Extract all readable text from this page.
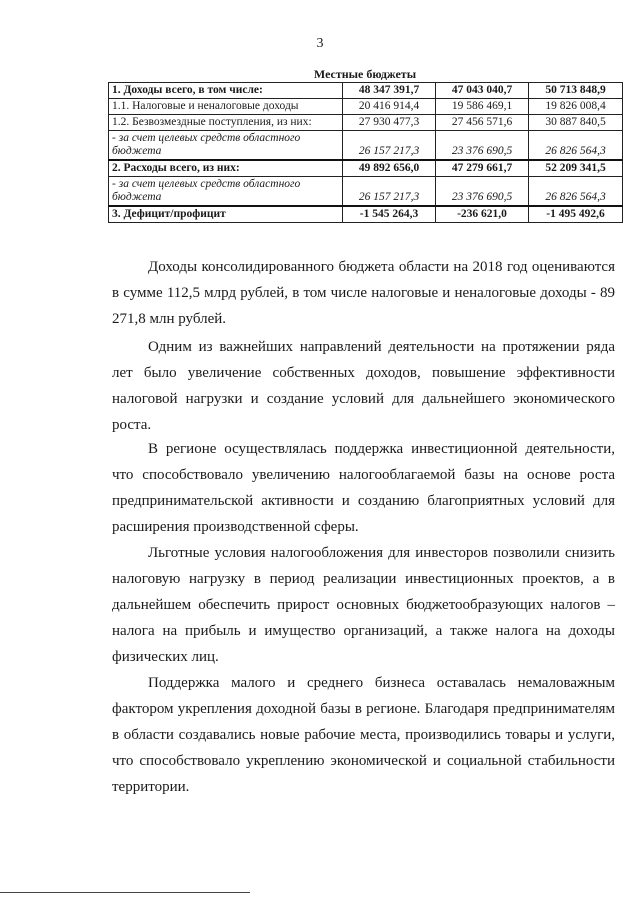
3
Местные бюджеты
1. Доходы всего, в том числе:	48 347 391,7	47 043 040,7	50 713 848,9
1.1. Налоговые и неналоговые доходы	20 416 914,4	19 586 469,1	19 826 008,4
1.2. Безвозмездные поступления, из них:	27 930 477,3	27 456 571,6	30 887 840,5
- за счет целевых средств областного бюджета	26 157 217,3	23 376 690,5	26 826 564,3
2. Расходы всего, из них:	49 892 656,0	47 279 661,7	52 209 341,5
- за счет целевых средств областного бюджета	26 157 217,3	23 376 690,5	26 826 564,3
3. Дефицит/профицит	-1 545 264,3	-236 621,0	-1 495 492,6

Доходы консолидированного бюджета области на 2018 год оцениваются в сумме 112,5 млрд рублей, в том числе налоговые и неналоговые доходы - 89 271,8 млн рублей.

Одним из важнейших направлений деятельности на протяжении ряда лет было увеличение собственных доходов, повышение эффективности налоговой нагрузки и создание условий для дальнейшего экономического роста.

В регионе осуществлялась поддержка инвестиционной деятельности, что способствовало увеличению налогооблагаемой базы на основе роста предпринимательской активности и созданию благоприятных условий для расширения производственной сферы.

Льготные условия налогообложения для инвесторов позволили снизить налоговую нагрузку в период реализации инвестиционных проектов, а в дальнейшем обеспечить прирост основных бюджетообразующих налогов – налога на прибыль и имущество организаций, а также налога на доходы физических лиц.

Поддержка малого и среднего бизнеса оставалась немаловажным фактором укрепления доходной базы в регионе. Благодаря предпринимателям в области создавались новые рабочие места, производились товары и услуги, что способствовало укреплению экономической и социальной стабильности территории.
